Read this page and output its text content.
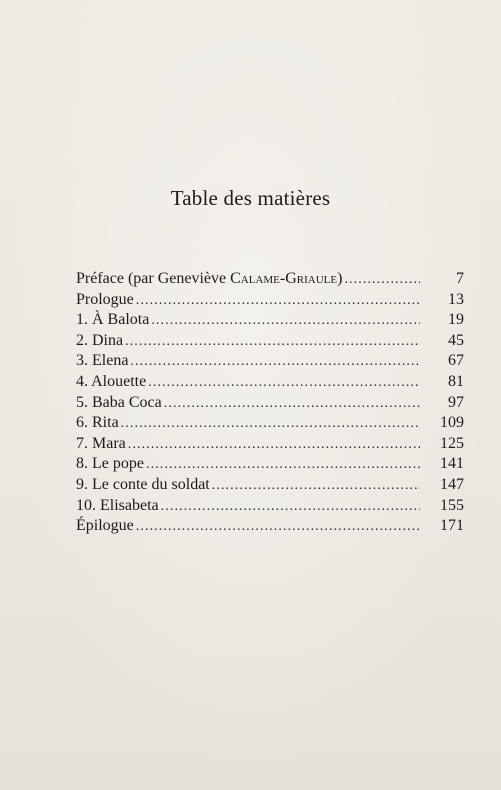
Table des matières
Préface (par Geneviève Calame-Griaule) . . .	7
Prologue . . .	13
1. À Balota . . .	19
2. Dina . . .	45
3. Elena . . .	67
4. Alouette . . .	81
5. Baba Coca . . .	97
6. Rita . . .	109
7. Mara . . .	125
8. Le pope . . .	141
9. Le conte du soldat . . .	147
10. Elisabeta . . .	155
Épilogue . . .	171
